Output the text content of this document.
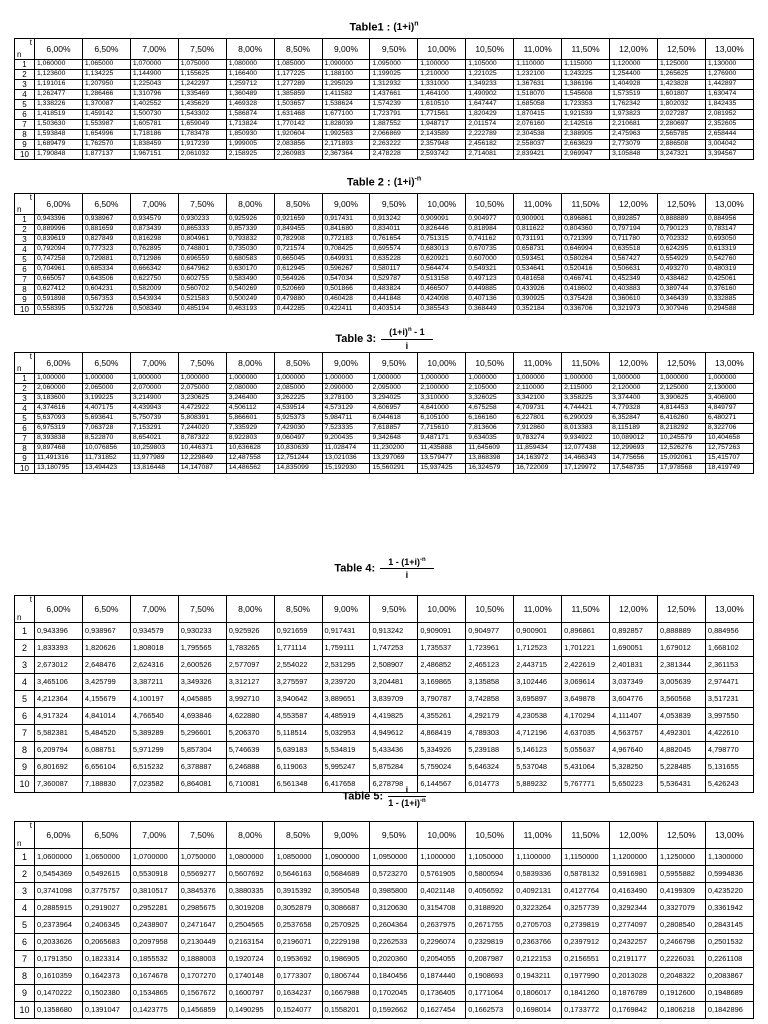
Table1 : $(1+i)^n$
t
n	6,00%	6,50%	7,00%	7,50%	8,00%	8,50%	9,00%	9,50%	10,00%	10,50%	11,00%	11,50%	12,00%	12,50%	13,00%
1	1,060000	1,065000	1,070000	1,075000	1,080000	1,085000	1,090000	1,095000	1,100000	1,105000	1,110000	1,115000	1,120000	1,125000	1,130000
2	1,123600	1,134225	1,144900	1,155625	1,166400	1,177225	1,188100	1,199025	1,210000	1,221025	1,232100	1,243225	1,254400	1,265625	1,276900
3	1,191016	1,207950	1,225043	1,242297	1,259712	1,277289	1,295029	1,312932	1,331000	1,349233	1,367631	1,386196	1,404928	1,423828	1,442897
4	1,262477	1,286466	1,310796	1,335469	1,360489	1,385859	1,411582	1,437661	1,464100	1,490902	1,518070	1,545608	1,573519	1,601807	1,630474
5	1,338226	1,370087	1,402552	1,435629	1,469328	1,503657	1,538624	1,574239	1,610510	1,647447	1,685058	1,723353	1,762342	1,802032	1,842435
6	1,418519	1,459142	1,500730	1,543302	1,586874	1,631468	1,677100	1,723791	1,771561	1,820429	1,870415	1,921539	1,973823	2,027287	2,081952
7	1,503630	1,553987	1,605781	1,659049	1,713824	1,770142	1,828039	1,887552	1,948717	2,011574	2,076160	2,142516	2,210681	2,280697	2,352605
8	1,593848	1,654996	1,718186	1,783478	1,850930	1,920604	1,992563	2,066869	2,143589	2,222789	2,304538	2,388905	2,475963	2,565785	2,658444
9	1,689479	1,762570	1,838459	1,917239	1,999005	2,083856	2,171893	2,263222	2,357948	2,456182	2,558037	2,663629	2,773079	2,886508	3,004042
10	1,790848	1,877137	1,967151	2,061032	2,158925	2,260983	2,367364	2,478228	2,593742	2,714081	2,839421	2,969947	3,105848	3,247321	3,394567
Table 2 : $(1+i)^{-n}$
t
n	6,00%	6,50%	7,00%	7,50%	8,00%	8,50%	9,00%	9,50%	10,00%	10,50%	11,00%	11,50%	12,00%	12,50%	13,00%
1	0,943396	0,938967	0,934579	0,930233	0,925926	0,921659	0,917431	0,913242	0,909091	0,904977	0,900901	0,896861	0,892857	0,888889	0,884956
2	0,889996	0,881659	0,873439	0,865333	0,857339	0,849455	0,841680	0,834011	0,826446	0,818984	0,811622	0,804360	0,797194	0,790123	0,783147
3	0,839619	0,827849	0,816298	0,804961	0,793832	0,782908	0,772183	0,761654	0,751315	0,741162	0,731191	0,721399	0,711780	0,702332	0,693050
4	0,792094	0,777323	0,762895	0,748801	0,735030	0,721574	0,708425	0,695574	0,683013	0,670735	0,658731	0,646994	0,635518	0,624295	0,613319
5	0,747258	0,729881	0,712986	0,696559	0,680583	0,665045	0,649931	0,635228	0,620921	0,607000	0,593451	0,580264	0,567427	0,554929	0,542760
6	0,704961	0,685334	0,666342	0,647962	0,630170	0,612945	0,596267	0,580117	0,564474	0,549321	0,534641	0,520416	0,506631	0,493270	0,480319
7	0,665057	0,643506	0,622750	0,602755	0,583490	0,564926	0,547034	0,529787	0,513158	0,497123	0,481658	0,466741	0,452349	0,438462	0,425061
8	0,627412	0,604231	0,582009	0,560702	0,540269	0,520669	0,501866	0,483824	0,466507	0,449885	0,433926	0,418602	0,403883	0,389744	0,376160
9	0,591898	0,567353	0,543934	0,521583	0,500249	0,479880	0,460428	0,441848	0,424098	0,407136	0,390925	0,375428	0,360610	0,346439	0,332885
10	0,558395	0,532726	0,508349	0,485194	0,463193	0,442285	0,422411	0,403514	0,385543	0,368449	0,352184	0,336706	0,321973	0,307946	0,294588
Table 3: $\frac{(1+i)^n - 1}{i}$
t
n	6,00%	6,50%	7,00%	7,50%	8,00%	8,50%	9,00%	9,50%	10,00%	10,50%	11,00%	11,50%	12,00%	12,50%	13,00%
1	1,000000	1,000000	1,000000	1,000000	1,000000	1,000000	1,000000	1,000000	1,000000	1,000000	1,000000	1,000000	1,000000	1,000000	1,000000
2	2,060000	2,065000	2,070000	2,075000	2,080000	2,085000	2,090000	2,095000	2,100000	2,105000	2,110000	2,115000	2,120000	2,125000	2,130000
3	3,183600	3,199225	3,214900	3,230625	3,246400	3,262225	3,278100	3,294025	3,310000	3,326025	3,342100	3,358225	3,374400	3,390625	3,406900
4	4,374616	4,407175	4,439943	4,472922	4,506112	4,539514	4,573129	4,606957	4,641000	4,675258	4,709731	4,744421	4,779328	4,814453	4,849797
5	5,637093	5,693641	5,750739	5,808391	5,866601	5,925373	5,984711	6,044618	6,105100	6,166160	6,227801	6,290029	6,352847	6,416260	6,480271
6	6,975319	7,063728	7,153291	7,244020	7,335929	7,429030	7,523335	7,618857	7,715610	7,813606	7,912860	8,013383	8,115189	8,218292	8,322706
7	8,393838	8,522870	8,654021	8,787322	8,922803	9,060497	9,200435	9,342648	9,487171	9,634035	9,783274	9,934922	10,089012	10,245579	10,404658
8	9,897468	10,076856	10,259803	10,446371	10,636628	10,830639	11,028474	11,230200	11,435888	11,645609	11,859434	12,077438	12,299693	12,526276	12,757263
9	11,491316	11,731852	11,977989	12,229849	12,487558	12,751244	13,021036	13,297069	13,579477	13,868398	14,163972	14,466343	14,775656	15,092061	15,415707
10	13,180795	13,494423	13,816448	14,147087	14,486562	14,835099	15,192930	15,560291	15,937425	16,324579	16,722009	17,129972	17,548735	17,978568	18,419749
Table 4: $\frac{1 - (1+i)^{-n}}{i}$
t
n	6,00%	6,50%	7,00%	7,50%	8,00%	8,50%	9,00%	9,50%	10,00%	10,50%	11,00%	11,50%	12,00%	12,50%	13,00%
1	0,943396	0,938967	0,934579	0,930233	0,925926	0,921659	0,917431	0,913242	0,909091	0,904977	0,900901	0,896861	0,892857	0,888889	0,884956
2	1,833393	1,820626	1,808018	1,795565	1,783265	1,771114	1,759111	1,747253	1,735537	1,723961	1,712523	1,701221	1,690051	1,679012	1,668102
3	2,673012	2,648476	2,624316	2,600526	2,577097	2,554022	2,531295	2,508907	2,486852	2,465123	2,443715	2,422619	2,401831	2,381344	2,361153
4	3,465106	3,425799	3,387211	3,349326	3,312127	3,275597	3,239720	3,204481	3,169865	3,135858	3,102446	3,069614	3,037349	3,005639	2,974471
5	4,212364	4,155679	4,100197	4,045885	3,992710	3,940642	3,889651	3,839709	3,790787	3,742858	3,695897	3,649878	3,604776	3,560568	3,517231
6	4,917324	4,841014	4,766540	4,693846	4,622880	4,553587	4,485919	4,419825	4,355261	4,292179	4,230538	4,170294	4,111407	4,053839	3,997550
7	5,582381	5,484520	5,389289	5,296601	5,206370	5,118514	5,032953	4,949612	4,868419	4,789303	4,712196	4,637035	4,563757	4,492301	4,422610
8	6,209794	6,088751	5,971299	5,857304	5,746639	5,639183	5,534819	5,433436	5,334926	5,239188	5,146123	5,055637	4,967640	4,882045	4,798770
9	6,801692	6,656104	6,515232	6,378887	6,246888	6,119063	5,995247	5,875284	5,759024	5,646324	5,537048	5,431064	5,328250	5,228485	5,131655
10	7,360087	7,188830	7,023582	6,864081	6,710081	6,561348	6,417658	6,278798	6,144567	6,014773	5,889232	5,767771	5,650223	5,536431	5,426243
Table 5: $\frac{i}{1 - (1+i)^{-n}}$
t
n	6,00%	6,50%	7,00%	7,50%	8,00%	8,50%	9,00%	9,50%	10,00%	10,50%	11,00%	11,50%	12,00%	12,50%	13,00%
1	1,0600000	1,0650000	1,0700000	1,0750000	1,0800000	1,0850000	1,0900000	1,0950000	1,1000000	1,1050000	1,1100000	1,1150000	1,1200000	1,1250000	1,1300000
2	0,5454369	0,5492615	0,5530918	0,5569277	0,5607692	0,5646163	0,5684689	0,5723270	0,5761905	0,5800594	0,5839336	0,5878132	0,5916981	0,5955882	0,5994836
3	0,3741098	0,3775757	0,3810517	0,3845376	0,3880335	0,3915392	0,3950548	0,3985800	0,4021148	0,4056592	0,4092131	0,4127764	0,4163490	0,4199309	0,4235220
4	0,2885915	0,2919027	0,2952281	0,2985675	0,3019208	0,3052879	0,3086687	0,3120630	0,3154708	0,3188920	0,3223264	0,3257739	0,3292344	0,3327079	0,3361942
5	0,2373964	0,2406345	0,2438907	0,2471647	0,2504565	0,2537658	0,2570925	0,2604364	0,2637975	0,2671755	0,2705703	0,2739819	0,2774097	0,2808540	0,2843145
6	0,2033626	0,2065683	0,2097958	0,2130449	0,2163154	0,2196071	0,2229198	0,2262533	0,2296074	0,2329819	0,2363766	0,2397912	0,2432257	0,2466798	0,2501532
7	0,1791350	0,1823314	0,1855532	0,1888003	0,1920724	0,1953692	0,1986905	0,2020360	0,2054055	0,2087987	0,2122153	0,2156551	0,2191177	0,2226031	0,2261108
8	0,1610359	0,1642373	0,1674678	0,1707270	0,1740148	0,1773307	0,1806744	0,1840456	0,1874440	0,1908693	0,1943211	0,1977990	0,2013028	0,2048322	0,2083867
9	0,1470222	0,1502380	0,1534865	0,1567672	0,1600797	0,1634237	0,1667988	0,1702045	0,1736405	0,1771064	0,1806017	0,1841260	0,1876789	0,1912600	0,1948689
10	0,1358680	0,1391047	0,1423775	0,1456859	0,1490295	0,1524077	0,1558201	0,1592662	0,1627454	0,1662573	0,1698014	0,1733772	0,1769842	0,1806218	0,1842896
